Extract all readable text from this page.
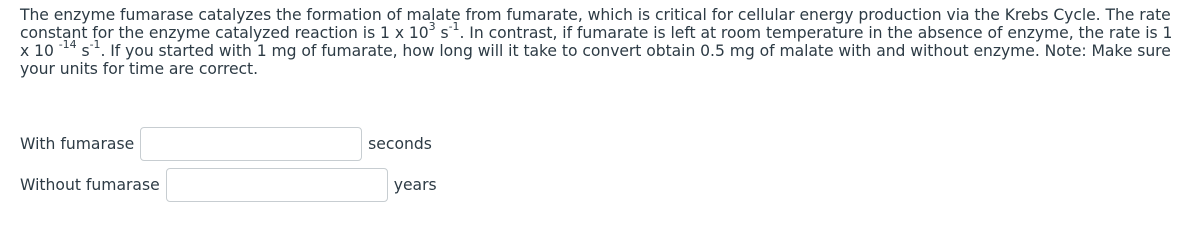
The enzyme fumarase catalyzes the formation of malate from fumarate, which is critical for cellular energy production via the Krebs Cycle. The rate constant for the enzyme catalyzed reaction is 1 x $10^3$ $s^{-1}$. In contrast, if fumarate is left at room temperature in the absence of enzyme, the rate is 1 x 10 $^{-14}$ $s^{-1}$. If you started with 1 mg of fumarate, how long will it take to convert obtain 0.5 mg of malate with and without enzyme. Note: Make sure your units for time are correct.

With fumarase	seconds
Without fumarase	years
